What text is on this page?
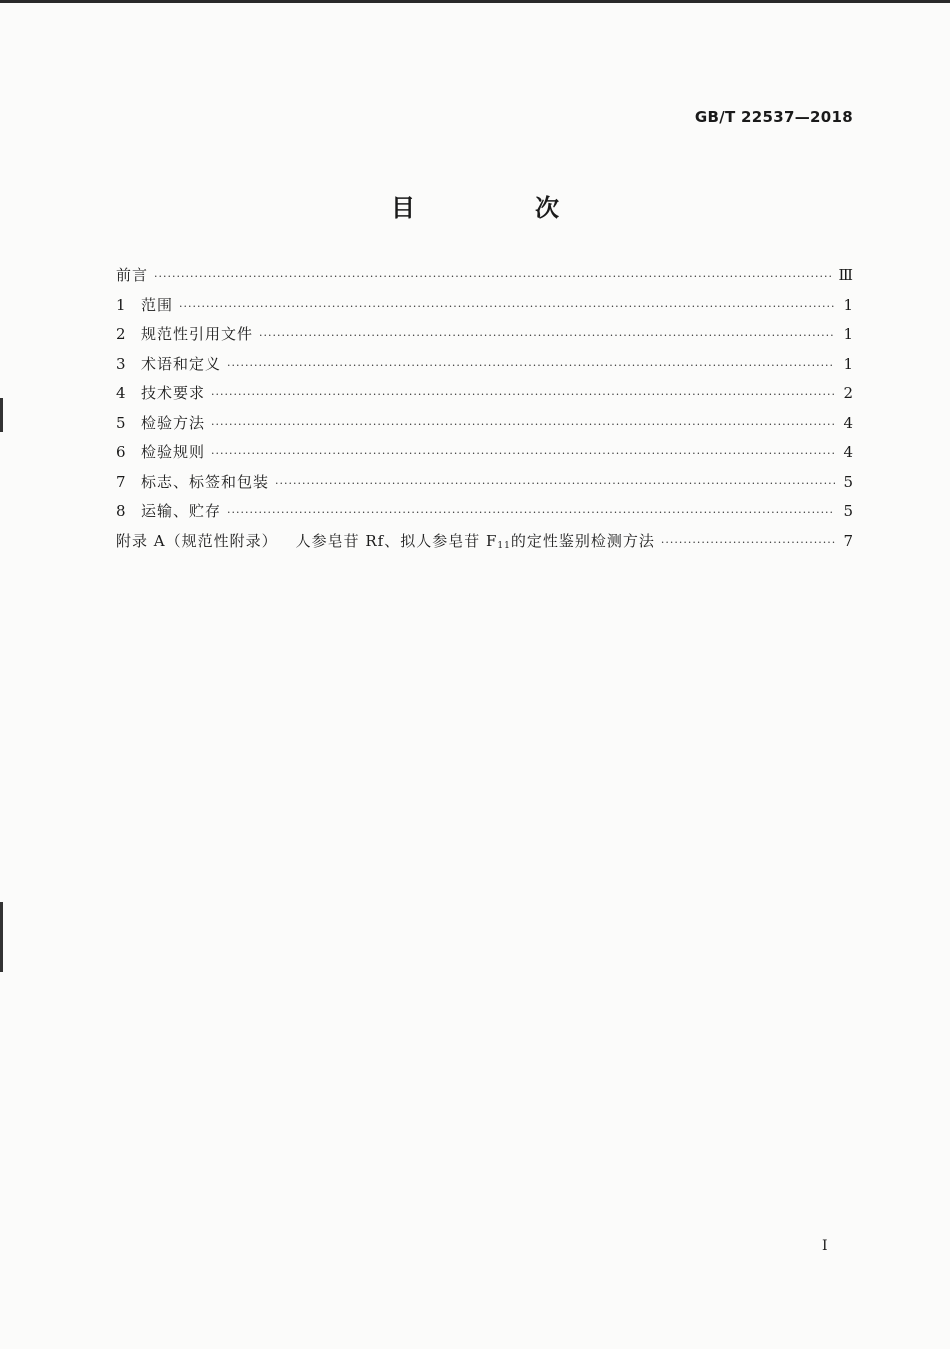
GB/T 22537—2018
目　次
前言 ·····	Ⅲ
1	范围 ·····	1
2	规范性引用文件 ·····	1
3	术语和定义 ·····	1
4	技术要求 ·····	2
5	检验方法 ·····	4
6	检验规则 ·····	4
7	标志、标签和包装 ·····	5
8	运输、贮存 ·····	5
附录 A（规范性附录） 人参皂苷 Rf、拟人参皂苷 $F_{11}$的定性鉴别检测方法 ·····	7
I
